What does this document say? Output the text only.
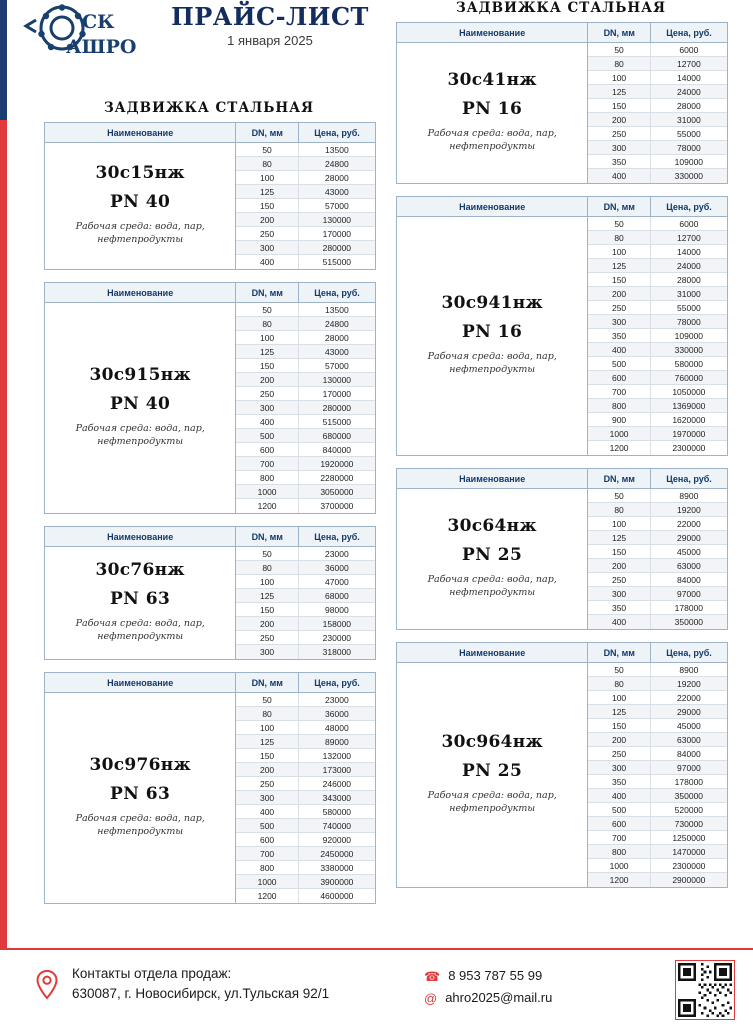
СК
АШРО
ПРАЙС-ЛИСТ
1 января 2025
ЗАДВИЖКА СТАЛЬНАЯ
ЗАДВИЖКА СТАЛЬНАЯ
Наименование	DN, мм	Цена, руб.
30с15нж
PN 40
Рабочая среда: вода, пар, нефтепродукты
50	13500
80	24800
100	28000
125	43000
150	57000
200	130000
250	170000
300	280000
400	515000
Наименование	DN, мм	Цена, руб.
30с915нж
PN 40
Рабочая среда: вода, пар, нефтепродукты
50	13500
80	24800
100	28000
125	43000
150	57000
200	130000
250	170000
300	280000
400	515000
500	680000
600	840000
700	1920000
800	2280000
1000	3050000
1200	3700000
Наименование	DN, мм	Цена, руб.
30с76нж
PN 63
Рабочая среда: вода, пар, нефтепродукты
50	23000
80	36000
100	47000
125	68000
150	98000
200	158000
250	230000
300	318000
Наименование	DN, мм	Цена, руб.
30с976нж
PN 63
Рабочая среда: вода, пар, нефтепродукты
50	23000
80	36000
100	48000
125	89000
150	132000
200	173000
250	246000
300	343000
400	580000
500	740000
600	920000
700	2450000
800	3380000
1000	3900000
1200	4600000
Наименование	DN, мм	Цена, руб.
30с41нж
PN 16
Рабочая среда: вода, пар, нефтепродукты
50	6000
80	12700
100	14000
125	24000
150	28000
200	31000
250	55000
300	78000
350	109000
400	330000
Наименование	DN, мм	Цена, руб.
30с941нж
PN 16
Рабочая среда: вода, пар, нефтепродукты
50	6000
80	12700
100	14000
125	24000
150	28000
200	31000
250	55000
300	78000
350	109000
400	330000
500	580000
600	760000
700	1050000
800	1369000
900	1620000
1000	1970000
1200	2300000
Наименование	DN, мм	Цена, руб.
30с64нж
PN 25
Рабочая среда: вода, пар, нефтепродукты
50	8900
80	19200
100	22000
125	29000
150	45000
200	63000
250	84000
300	97000
350	178000
400	350000
Наименование	DN, мм	Цена, руб.
30с964нж
PN 25
Рабочая среда: вода, пар, нефтепродукты
50	8900
80	19200
100	22000
125	29000
150	45000
200	63000
250	84000
300	97000
350	178000
400	350000
500	520000
600	730000
700	1250000
800	1470000
1000	2300000
1200	2900000
Контакты отдела продаж:
630087, г. Новосибирск, ул.Тульская 92/1
☎ 8 953 787 55 99
@ ahro2025@mail.ru
